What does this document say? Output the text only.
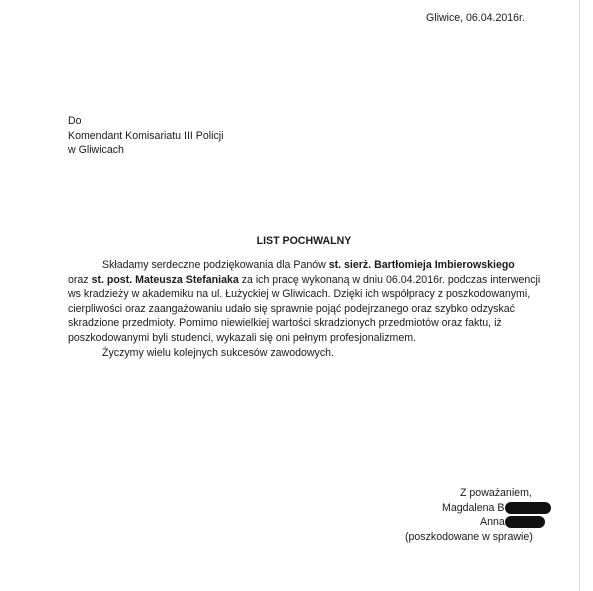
Gliwice, 06.04.2016r.
Do
Komendant Komisariatu III Policji
w Gliwicach
LIST POCHWALNY
Składamy serdeczne podziękowania dla Panów st. sierż. Bartłomieja Imbierowskiego
oraz st. post. Mateusza Stefaniaka za ich pracę wykonaną w dniu 06.04.2016r. podczas interwencji
ws kradzieży w akademiku na ul. Łużyckiej w Gliwicach. Dzięki ich współpracy z poszkodowanymi,
cierpliwości oraz zaangażowaniu udało się sprawnie pojąć podejrzanego oraz szybko odzyskać
skradzione przedmioty. Pomimo niewielkiej wartości skradzionych przedmiotów oraz faktu, iż
poszkodowanymi byli studenci, wykazali się oni pełnym profesjonalizmem.
Życzymy wielu kolejnych sukcesów zawodowych.
Z poważaniem,
Magdalena B
Anna
(poszkodowane w sprawie)
